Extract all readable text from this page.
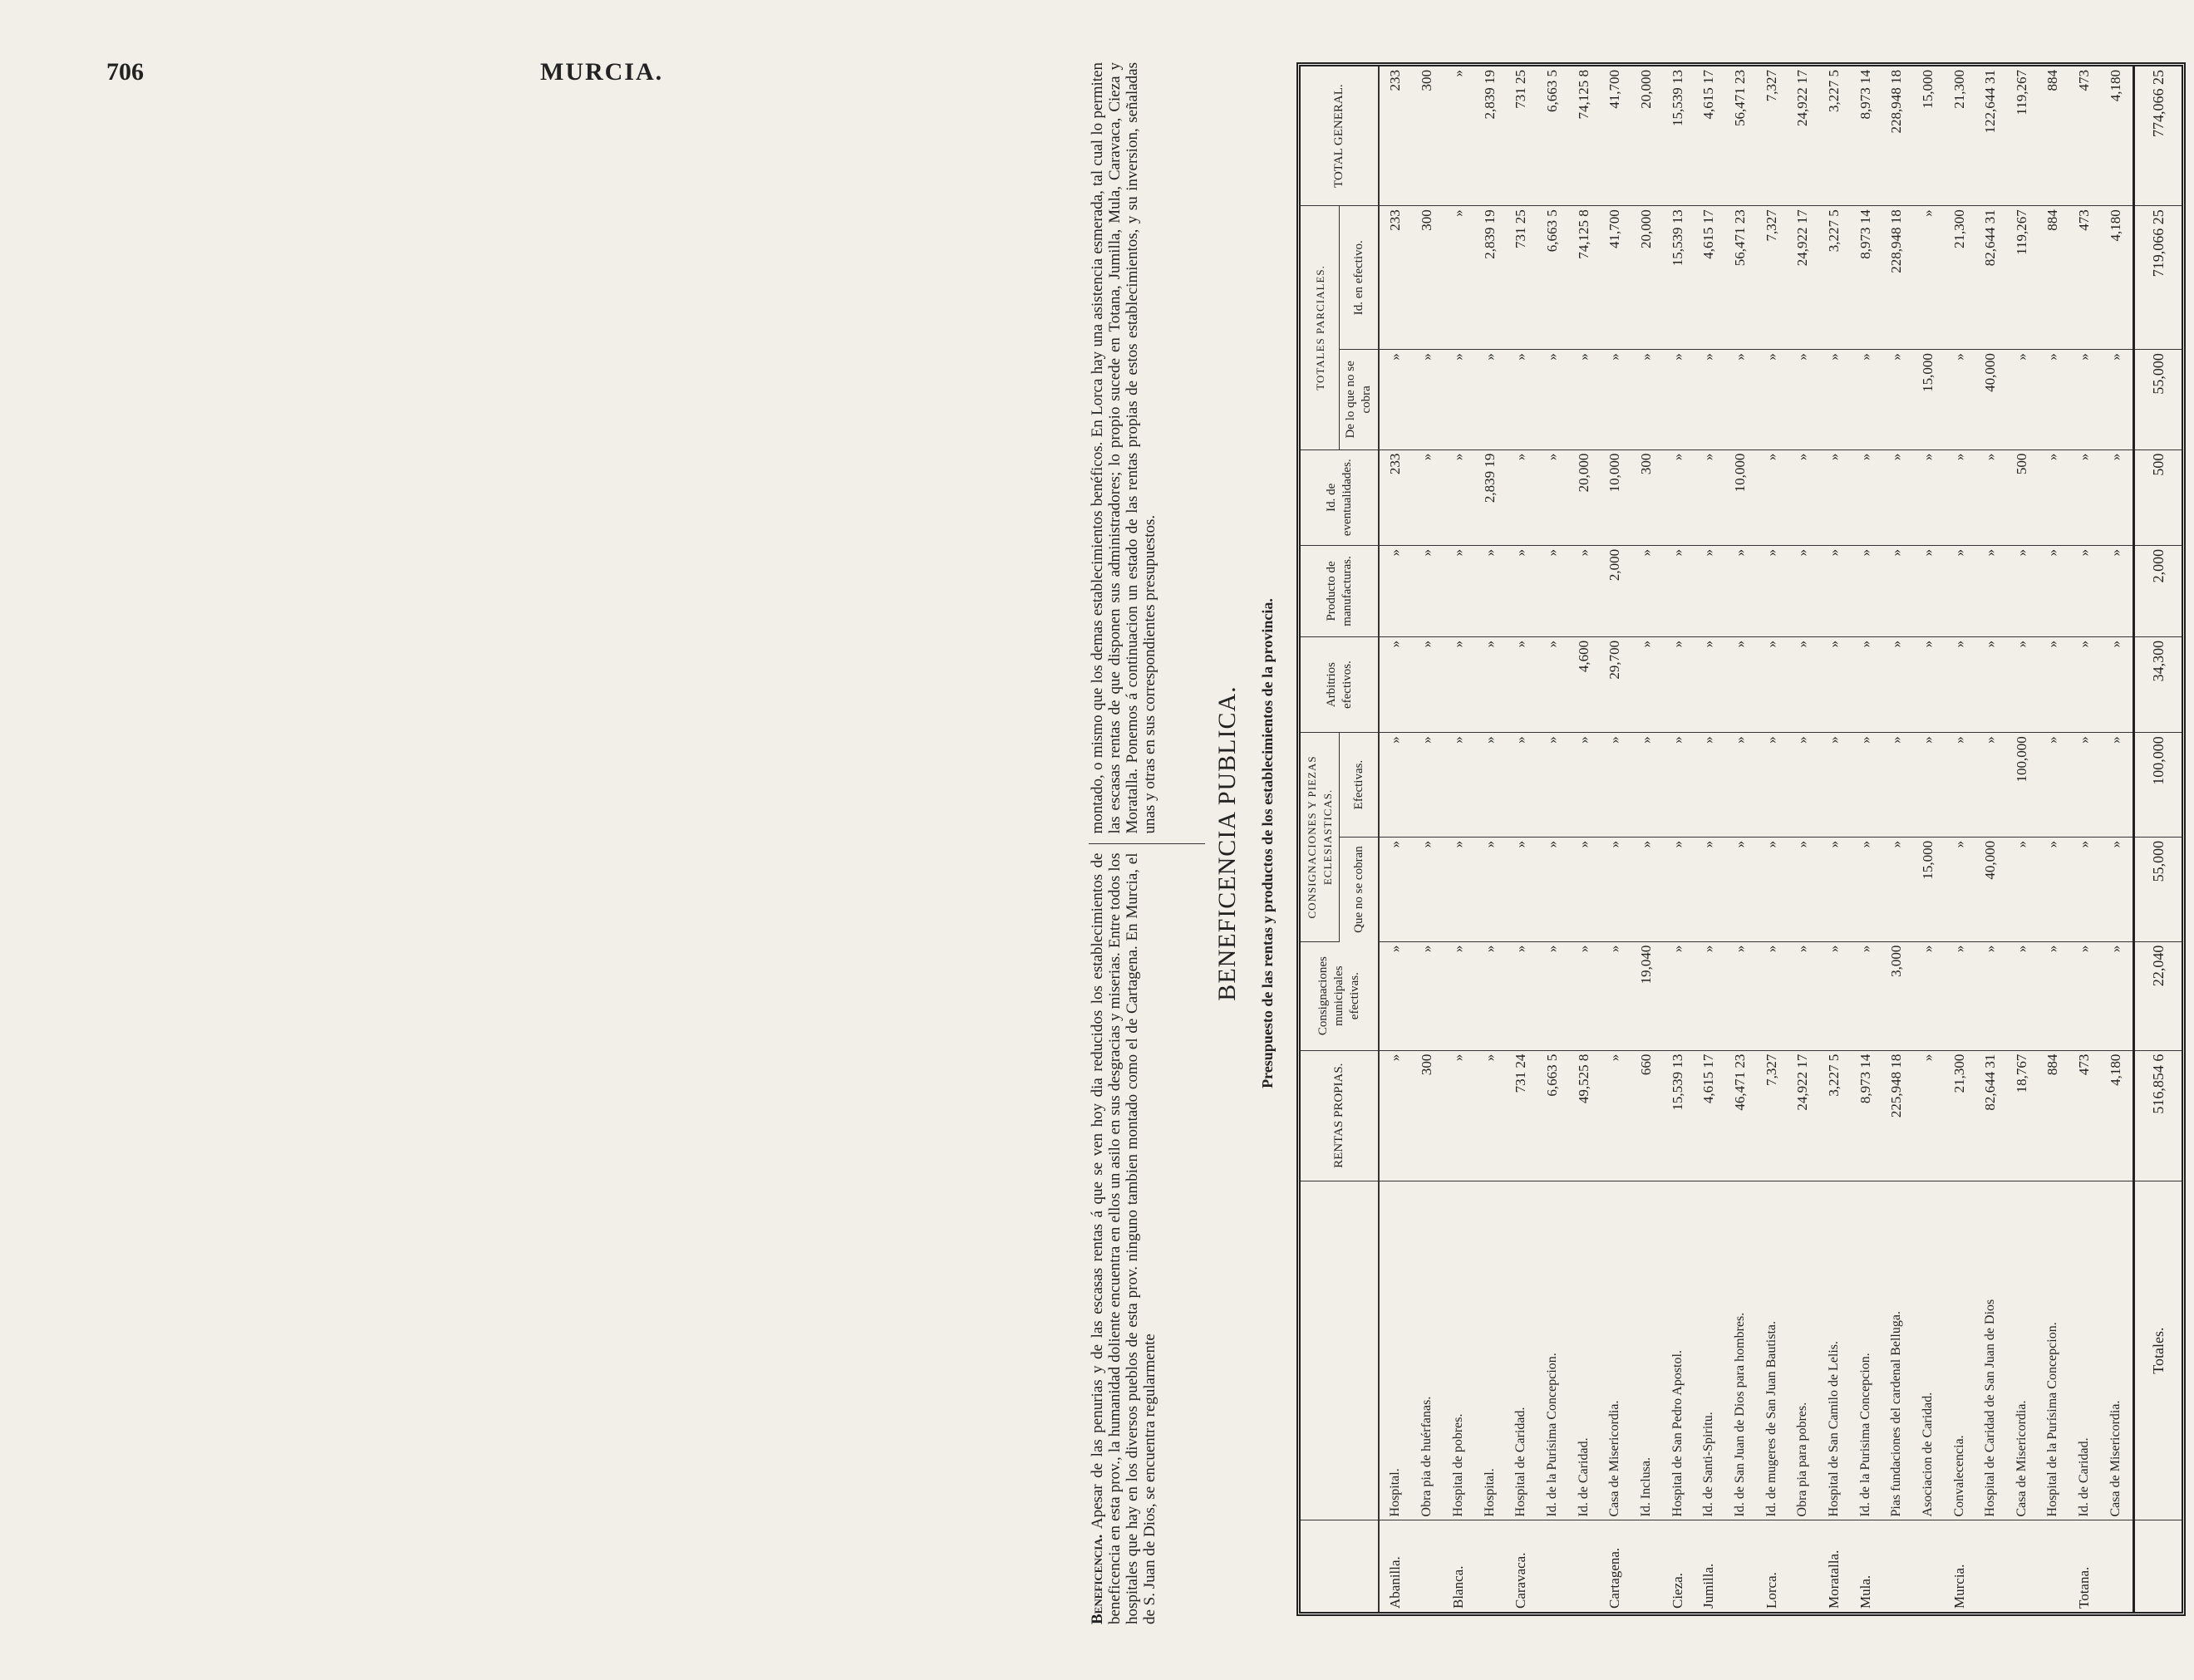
706	MURCIA.
Beneficencia. Apesar de las penurias y de las escasas rentas á que se ven hoy dia reducidos los establecimientos de beneficencia en esta prov., la humanidad doliente encuentra en ellos un asilo en sus desgracias y miserias. Entre todos los hospitales que hay en los diversos pueblos de esta prov. ninguno tambien montado como el de Cartagena. En Murcia, el de S. Juan de Dios, se encuentra regularmente
montado, o mismo que los demas establecimientos benéficos. En Lorca hay una asistencia esmerada, tal cual lo permiten las escasas rentas de que disponen sus administradores; lo propio sucede en Totana, Jumilla, Mula, Caravaca, Cieza y Moratalla. Ponemos á continuacion un estado de las rentas propias de estos establecimientos, y su inversion, señaladas unas y otras en sus correspondientes presupuestos.
BENEFICENCIA PUBLICA. Presupuesto de las rentas y productos de los establecimientos de la provincia.
		RENTAS PROPIAS.	Consignaciones municipales efectivas.	CONSIGNACIONES Y PIEZAS ECLESIASTICAS.		Arbitrios efectivos.	Producto de manufacturas.	Id. de eventualidades.	TOTALES PARCIALES.		TOTAL GENERAL.
				Que no se cobran	Efectivas.				De lo que no se cobra	Id. en efectivo.	
Abanilla.	Hospital.	»	»	»	»	»	»	233	»	233	233
	Obra pia de huérfanas.	300	»	»	»	»	»	»	»	300	300
Blanca.	Hospital de pobres.	»	»	»	»	»	»	»	»	»	»
	Hospital.	»	»	»	»	»	»	2,839 19	»	2,839 19	2,839 19
Caravaca.	Hospital de Caridad.	731 24	»	»	»	»	»	»	»	731 25	731 25
	Id. de la Purísima Concepcion.	6,663 5	»	»	»	»	»	»	»	6,663 5	6,663 5
	Id. de Caridad.	49,525 8	»	»	»	4,600	»	20,000	»	74,125 8	74,125 8
Cartagena.	Casa de Misericordia.	»	»	»	»	29,700	2,000	10,000	»	41,700	41,700
	Id. Inclusa.	660	19,040	»	»	»	»	300	»	20,000	20,000
Cieza.	Hospital de San Pedro Apostol.	15,539 13	»	»	»	»	»	»	»	15,539 13	15,539 13
Jumilla.	Id. de Santi-Spiritu.	4,615 17	»	»	»	»	»	»	»	4,615 17	4,615 17
	Id. de San Juan de Dios para hombres.	46,471 23	»	»	»	»	»	10,000	»	56,471 23	56,471 23
Lorca.	Id. de mugeres de San Juan Bautista.	7,327	»	»	»	»	»	»	»	7,327	7,327
	Obra pia para pobres.	24,922 17	»	»	»	»	»	»	»	24,922 17	24,922 17
Moratalla.	Hospital de San Camilo de Lelis.	3,227 5	»	»	»	»	»	»	»	3,227 5	3,227 5
Mula.	Id. de la Purisima Concepcion.	8,973 14	»	»	»	»	»	»	»	8,973 14	8,973 14
	Pias fundaciones del cardenal Belluga.	225,948 18	3,000	»	»	»	»	»	»	228,948 18	228,948 18
	Asociacion de Caridad.	»	»	15,000	»	»	»	»	15,000	»	15,000
Murcia.	Convalecencia.	21,300	»	»	»	»	»	»	»	21,300	21,300
	Hospital de Caridad de San Juan de Dios	82,644 31	»	40,000	»	»	»	»	40,000	82,644 31	122,644 31
	Casa de Misericordia.	18,767	»	»	100,000	»	»	500	»	119,267	119,267
	Hospital de la Purísima Concepcion.	884	»	»	»	»	»	»	»	884	884
Totana.	Id. de Caridad.	473	»	»	»	»	»	»	»	473	473
	Casa de Misericordia.	4,180	»	»	»	»	»	»	»	4,180	4,180
	Totales.	516,854 6	22,040	55,000	100,000	34,300	2,000	500	55,000	719,066 25	774,066 25
